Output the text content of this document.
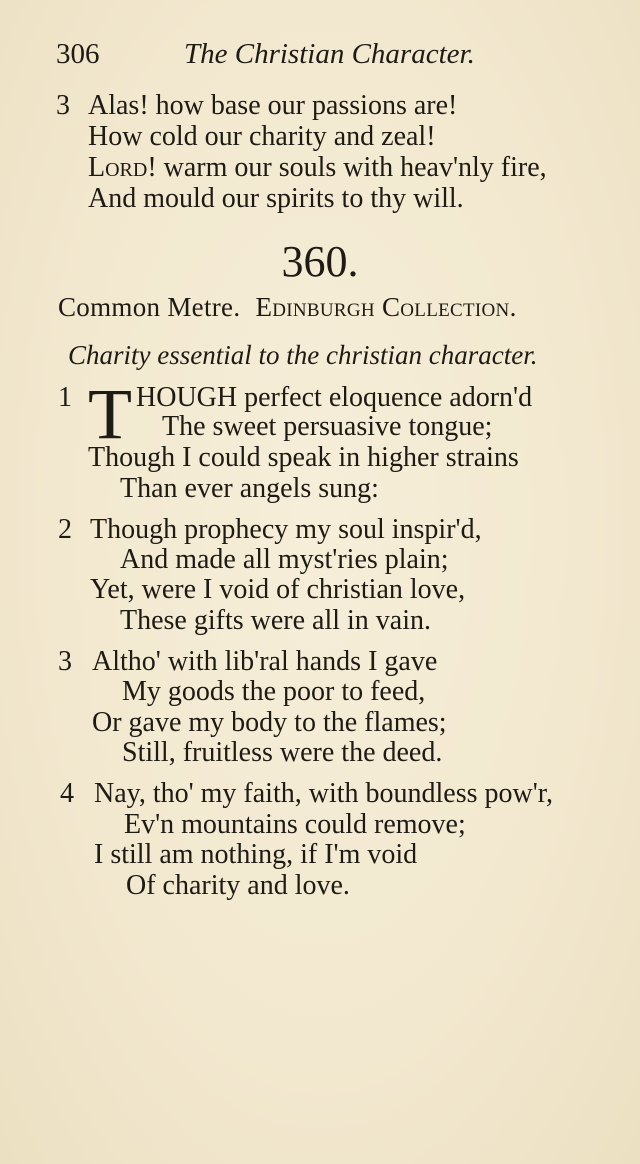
306	The Christian Character.
3 Alas! how base our passions are!
How cold our charity and zeal!
Lord! warm our souls with heav'nly fire,
And mould our spirits to thy will.
360.
Common Metre. Edinburgh Collection.
Charity essential to the christian character.
1 T HOUGH perfect eloquence adorn'd
The sweet persuasive tongue;
Though I could speak in higher strains
Than ever angels sung:
2 Though prophecy my soul inspir'd,
And made all myst'ries plain;
Yet, were I void of christian love,
These gifts were all in vain.
3 Altho' with lib'ral hands I gave
My goods the poor to feed,
Or gave my body to the flames;
Still, fruitless were the deed.
4 Nay, tho' my faith, with boundless pow'r,
Ev'n mountains could remove;
I still am nothing, if I'm void
Of charity and love.
